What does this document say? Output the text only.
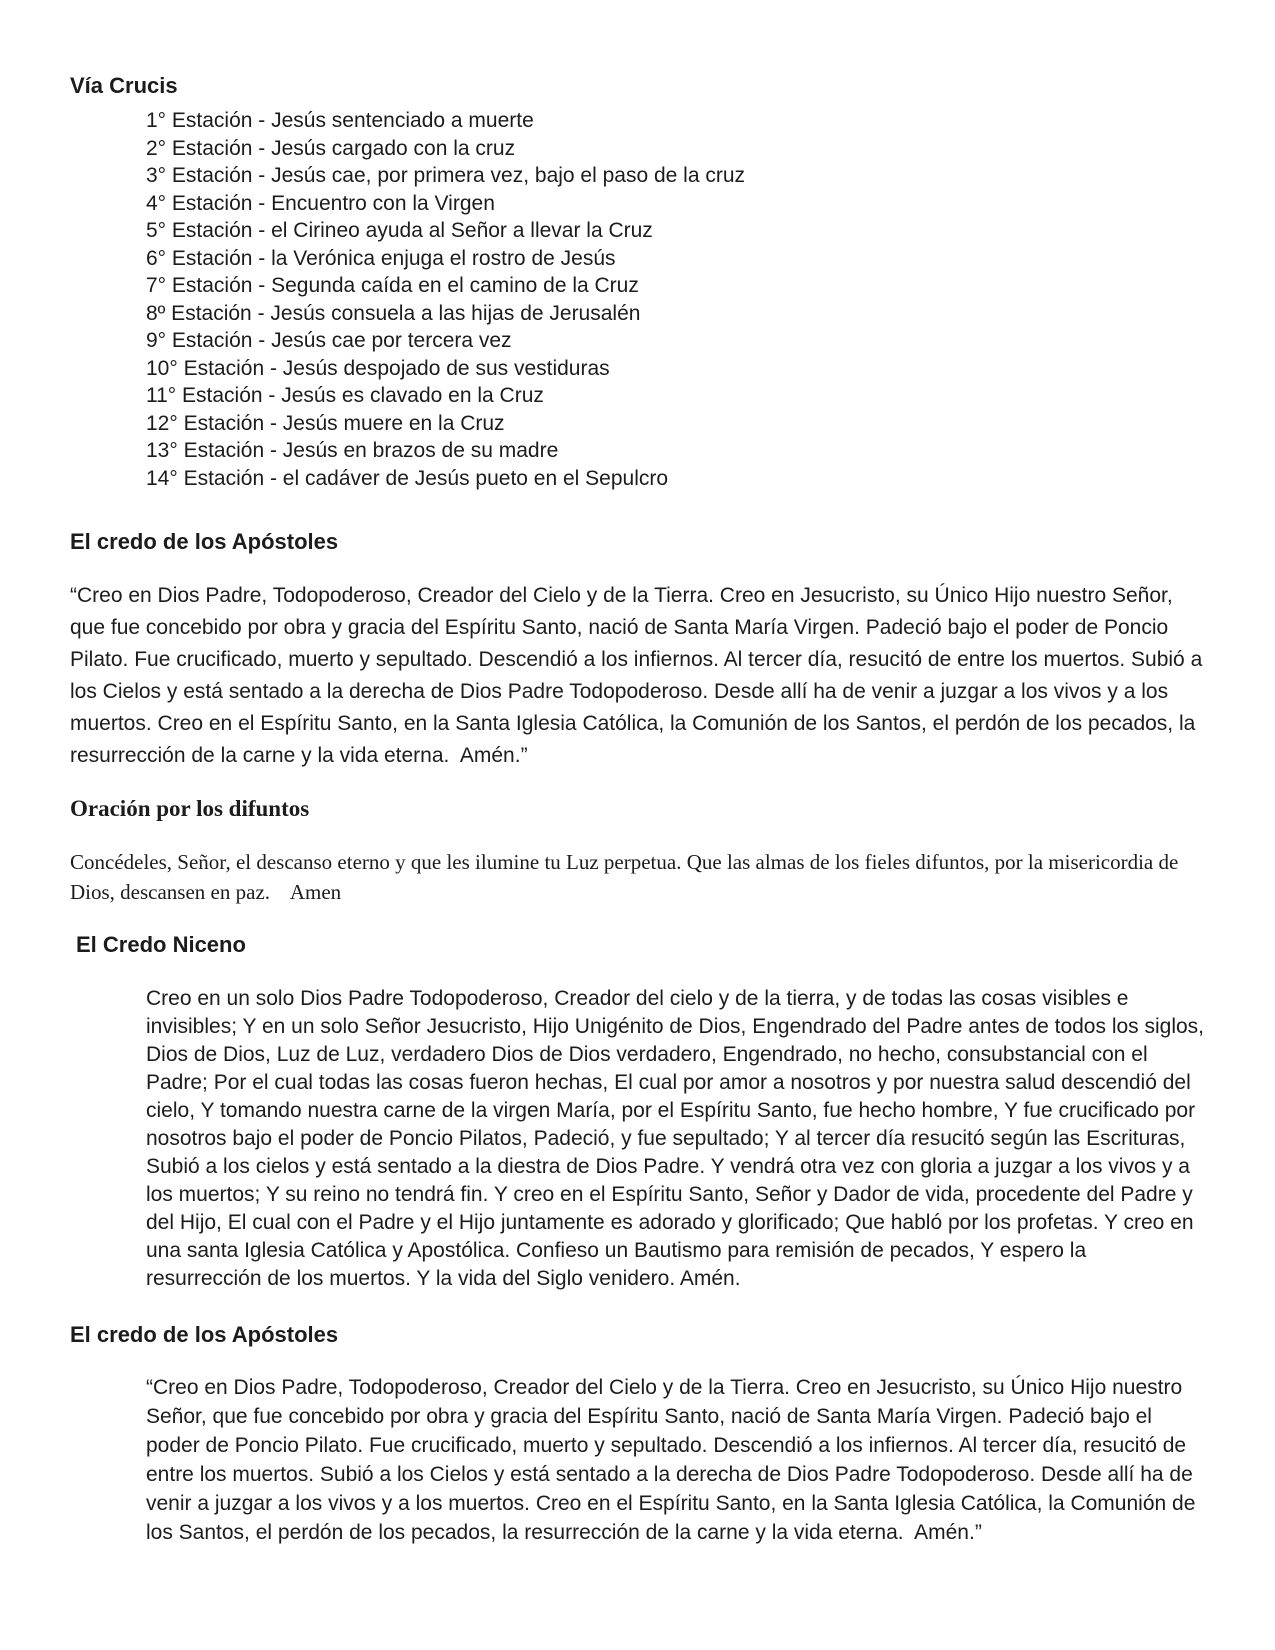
Vía Crucis
1° Estación - Jesús sentenciado a muerte
2° Estación - Jesús cargado con la cruz
3° Estación - Jesús cae, por primera vez, bajo el paso de la cruz
4° Estación - Encuentro con la Virgen
5° Estación - el Cirineo ayuda al Señor a llevar la Cruz
6° Estación - la Verónica enjuga el rostro de Jesús
7° Estación - Segunda caída en el camino de la Cruz
8º Estación - Jesús consuela a las hijas de Jerusalén
9° Estación - Jesús cae por tercera vez
10° Estación - Jesús despojado de sus vestiduras
11° Estación - Jesús es clavado en la Cruz
12° Estación - Jesús muere en la Cruz
13° Estación - Jesús en brazos de su madre
14° Estación - el cadáver de Jesús pueto en el Sepulcro
El credo de los Apóstoles

“Creo en Dios Padre, Todopoderoso, Creador del Cielo y de la Tierra. Creo en Jesucristo, su Único Hijo nuestro Señor, que fue concebido por obra y gracia del Espíritu Santo, nació de Santa María Virgen. Padeció bajo el poder de Poncio Pilato. Fue crucificado, muerto y sepultado. Descendió a los infiernos. Al tercer día, resucitó de entre los muertos. Subió a los Cielos y está sentado a la derecha de Dios Padre Todopoderoso. Desde allí ha de venir a juzgar a los vivos y a los muertos. Creo en el Espíritu Santo, en la Santa Iglesia Católica, la Comunión de los Santos, el perdón de los pecados, la resurrección de la carne y la vida eterna.  Amén.”

Oración por los difuntos

Concédeles, Señor, el descanso eterno y que les ilumine tu Luz perpetua. Que las almas de los fieles difuntos, por la misericordia de Dios, descansen en paz.    Amen

El Credo Niceno

Creo en un solo Dios Padre Todopoderoso, Creador del cielo y de la tierra, y de todas las cosas visibles e invisibles; Y en un solo Señor Jesucristo, Hijo Unigénito de Dios, Engendrado del Padre antes de todos los siglos, Dios de Dios, Luz de Luz, verdadero Dios de Dios verdadero, Engendrado, no hecho, consubstancial con el Padre; Por el cual todas las cosas fueron hechas, El cual por amor a nosotros y por nuestra salud descendió del cielo, Y tomando nuestra carne de la virgen María, por el Espíritu Santo, fue hecho hombre, Y fue crucificado por nosotros bajo el poder de Poncio Pilatos, Padeció, y fue sepultado; Y al tercer día resucitó según las Escrituras, Subió a los cielos y está sentado a la diestra de Dios Padre. Y vendrá otra vez con gloria a juzgar a los vivos y a los muertos; Y su reino no tendrá fin. Y creo en el Espíritu Santo, Señor y Dador de vida, procedente del Padre y del Hijo, El cual con el Padre y el Hijo juntamente es adorado y glorificado; Que habló por los profetas. Y creo en una santa Iglesia Católica y Apostólica. Confieso un Bautismo para remisión de pecados, Y espero la resurrección de los muertos. Y la vida del Siglo venidero. Amén.

El credo de los Apóstoles

“Creo en Dios Padre, Todopoderoso, Creador del Cielo y de la Tierra. Creo en Jesucristo, su Único Hijo nuestro Señor, que fue concebido por obra y gracia del Espíritu Santo, nació de Santa María Virgen. Padeció bajo el poder de Poncio Pilato. Fue crucificado, muerto y sepultado. Descendió a los infiernos. Al tercer día, resucitó de entre los muertos. Subió a los Cielos y está sentado a la derecha de Dios Padre Todopoderoso. Desde allí ha de venir a juzgar a los vivos y a los muertos. Creo en el Espíritu Santo, en la Santa Iglesia Católica, la Comunión de los Santos, el perdón de los pecados, la resurrección de la carne y la vida eterna.  Amén.”
